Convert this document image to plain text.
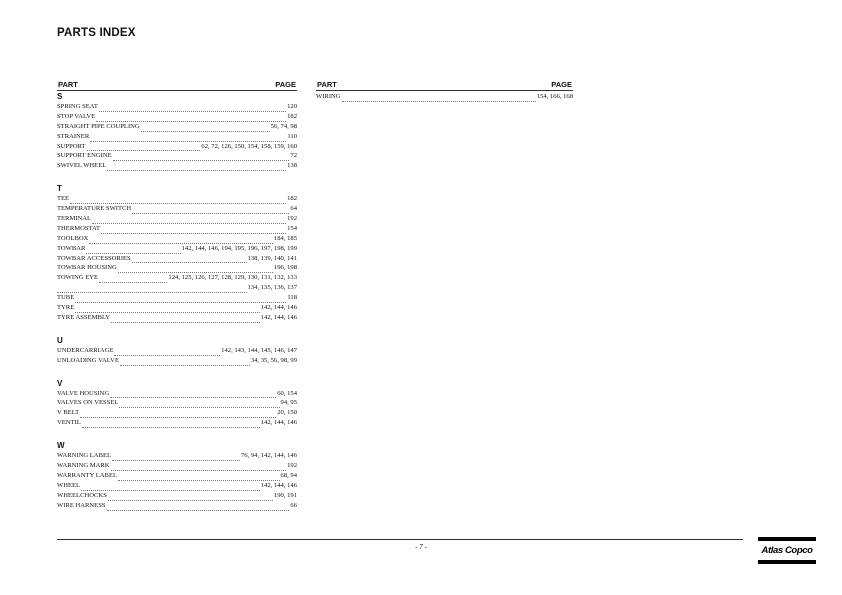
PARTS INDEX
PART	PAGE
S
SPRING SEAT	120
STOP VALVE	182
STRAIGHT PIPE COUPLING	56, 74, 98
STRAINER	110
SUPPORT	62, 72, 126, 150, 154, 158, 159, 160
SUPPORT ENGINE	72
SWIVEL WHEEL	138
T
TEE	182
TEMPERATURE SWITCH	64
TERMINAL	192
THERMOSTAT	154
TOOLBOX	184, 185
TOWBAR	142, 144, 146, 194, 195, 196, 197, 198, 199
TOWBAR ACCESSORIES	138, 139, 140, 141
TOWBAR HOUSING	196, 198
TOWING EYE	124, 125, 126, 127, 128, 129, 130, 131, 132, 133
134, 135, 136, 137
TUBE	118
TYRE	142, 144, 146
TYRE ASSEMBLY	142, 144, 146
U
UNDERCARRIAGE	142, 143, 144, 145, 146, 147
UNLOADING VALVE	34, 35, 56, 98, 99
V
VALVE HOUSING	60, 154
VALVES ON VESSEL	94, 95
V BELT	20, 150
VENTIL	142, 144, 146
W
WARNING LABEL	76, 94, 142, 144, 146
WARNING MARK	192
WARRANTY LABEL	68, 94
WHEEL	142, 144, 146
WHEELCHOCKS	190, 191
WIRE HARNESS	66
PART	PAGE
WIRING	154, 166, 168
- 7 -	Atlas Copco
